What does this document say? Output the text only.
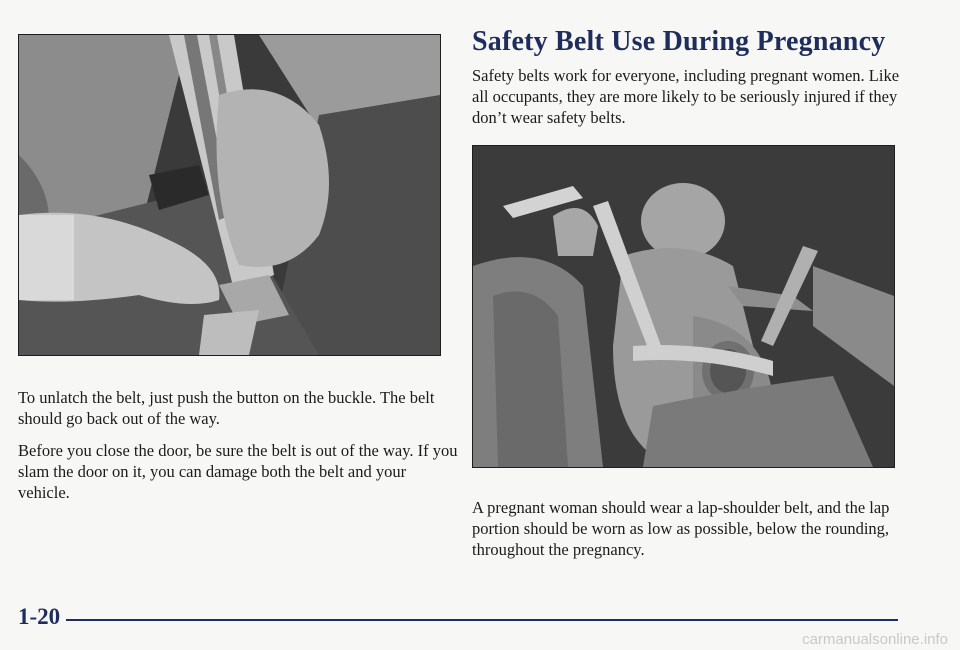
Safety Belt Use During Pregnancy

Safety belts work for everyone, including pregnant women. Like all occupants, they are more likely to be seriously injured if they don’t wear safety belts.

To unlatch the belt, just push the button on the buckle. The belt should go back out of the way.

Before you close the door, be sure the belt is out of the way. If you slam the door on it, you can damage both the belt and your vehicle.

A pregnant woman should wear a lap-shoulder belt, and the lap portion should be worn as low as possible, below the rounding, throughout the pregnancy.

1-20
carmanualsonline.info
